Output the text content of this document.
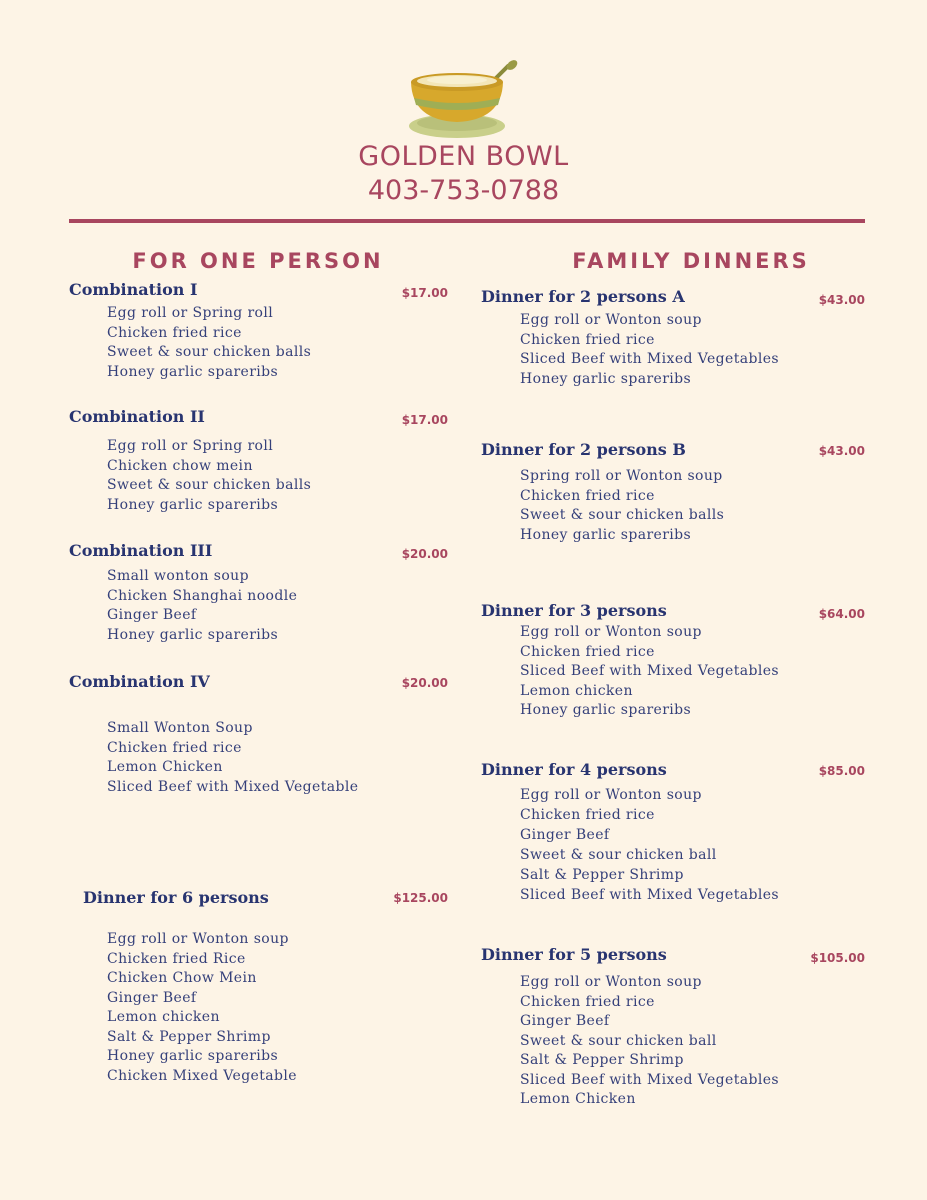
GOLDEN BOWL
403-753-0788
FOR ONE PERSON	FAMILY DINNERS
Combination I	$17.00
Egg roll or Spring roll
Chicken fried rice
Sweet & sour chicken balls
Honey garlic spareribs
Combination II	$17.00
Egg roll or Spring roll
Chicken chow mein
Sweet & sour chicken balls
Honey garlic spareribs
Combination III	$20.00
Small wonton soup
Chicken Shanghai noodle
Ginger Beef
Honey garlic spareribs
Combination IV	$20.00
Small Wonton Soup
Chicken fried rice
Lemon Chicken
Sliced Beef with Mixed Vegetable
Dinner for 6 persons	$125.00
Egg roll or Wonton soup
Chicken fried Rice
Chicken Chow Mein
Ginger Beef
Lemon chicken
Salt & Pepper Shrimp
Honey garlic spareribs
Chicken Mixed Vegetable
Dinner for 2 persons A	$43.00
Egg roll or Wonton soup
Chicken fried rice
Sliced Beef with Mixed Vegetables
Honey garlic spareribs
Dinner for 2 persons B	$43.00
Spring roll or Wonton soup
Chicken fried rice
Sweet & sour chicken balls
Honey garlic spareribs
Dinner for 3 persons	$64.00
Egg roll or Wonton soup
Chicken fried rice
Sliced Beef with Mixed Vegetables
Lemon chicken
Honey garlic spareribs
Dinner for 4 persons	$85.00
Egg roll or Wonton soup
Chicken fried rice
Ginger Beef
Sweet & sour chicken ball
Salt & Pepper Shrimp
Sliced Beef with Mixed Vegetables
Dinner for 5 persons	$105.00
Egg roll or Wonton soup
Chicken fried rice
Ginger Beef
Sweet & sour chicken ball
Salt & Pepper Shrimp
Sliced Beef with Mixed Vegetables
Lemon Chicken
